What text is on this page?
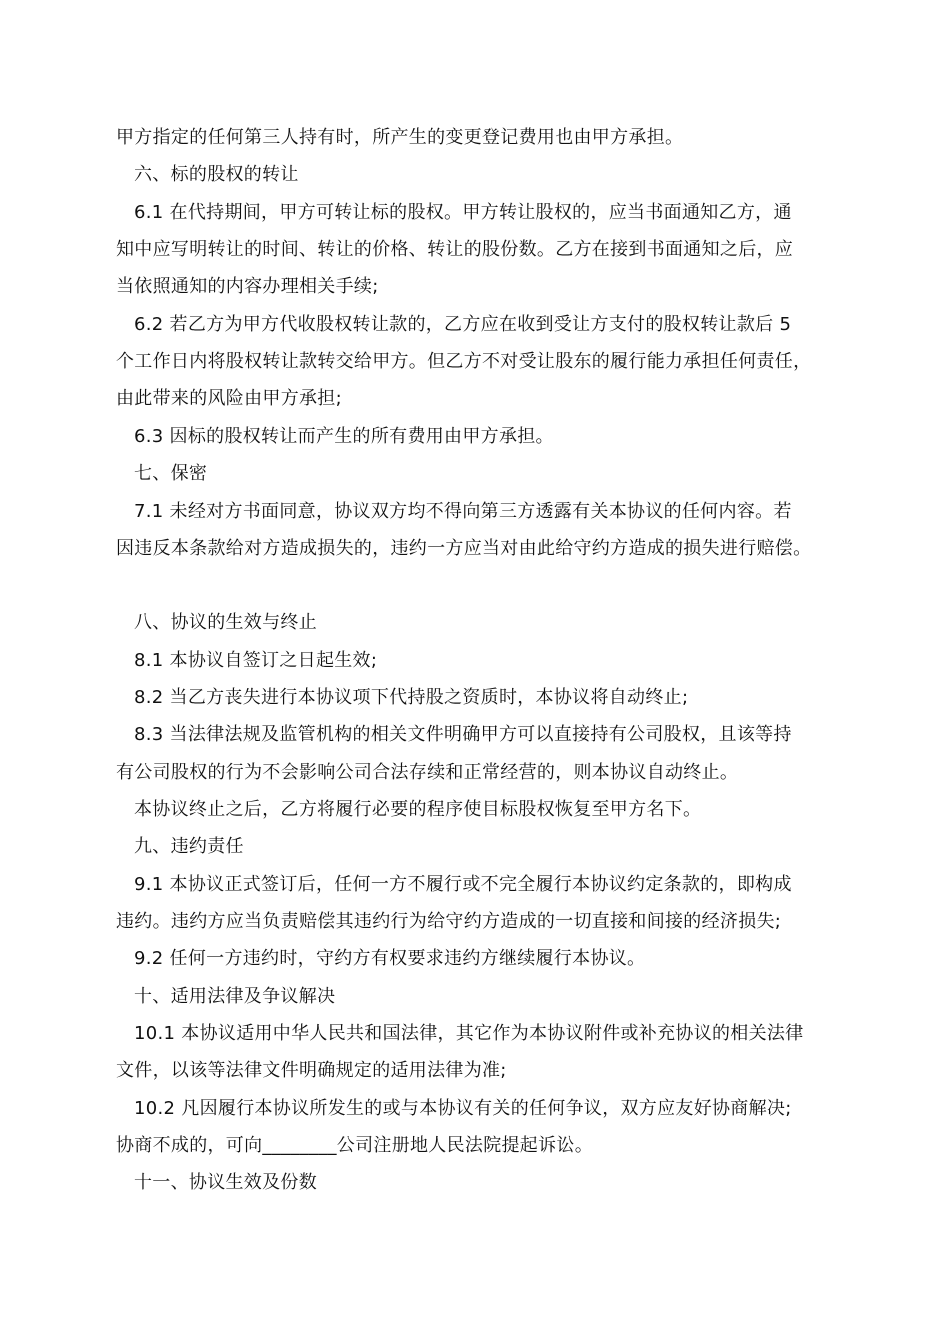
甲方指定的任何第三人持有时，所产生的变更登记费用也由甲方承担。
六、标的股权的转让
6.1 在代持期间，甲方可转让标的股权。甲方转让股权的，应当书面通知乙方，通
知中应写明转让的时间、转让的价格、转让的股份数。乙方在接到书面通知之后，应
当依照通知的内容办理相关手续;
6.2 若乙方为甲方代收股权转让款的，乙方应在收到受让方支付的股权转让款后 5
个工作日内将股权转让款转交给甲方。但乙方不对受让股东的履行能力承担任何责任，
由此带来的风险由甲方承担;
6.3 因标的股权转让而产生的所有费用由甲方承担。
七、保密
7.1 未经对方书面同意，协议双方均不得向第三方透露有关本协议的任何内容。若
因违反本条款给对方造成损失的，违约一方应当对由此给守约方造成的损失进行赔偿。
八、协议的生效与终止
8.1 本协议自签订之日起生效;
8.2 当乙方丧失进行本协议项下代持股之资质时，本协议将自动终止;
8.3 当法律法规及监管机构的相关文件明确甲方可以直接持有公司股权，且该等持
有公司股权的行为不会影响公司合法存续和正常经营的，则本协议自动终止。
本协议终止之后，乙方将履行必要的程序使目标股权恢复至甲方名下。
九、违约责任
9.1 本协议正式签订后，任何一方不履行或不完全履行本协议约定条款的，即构成
违约。违约方应当负责赔偿其违约行为给守约方造成的一切直接和间接的经济损失;
9.2 任何一方违约时，守约方有权要求违约方继续履行本协议。
十、适用法律及争议解决
10.1 本协议适用中华人民共和国法律，其它作为本协议附件或补充协议的相关法律
文件，以该等法律文件明确规定的适用法律为准;
10.2 凡因履行本协议所发生的或与本协议有关的任何争议，双方应友好协商解决;
协商不成的，可向________公司注册地人民法院提起诉讼。
十一、协议生效及份数
